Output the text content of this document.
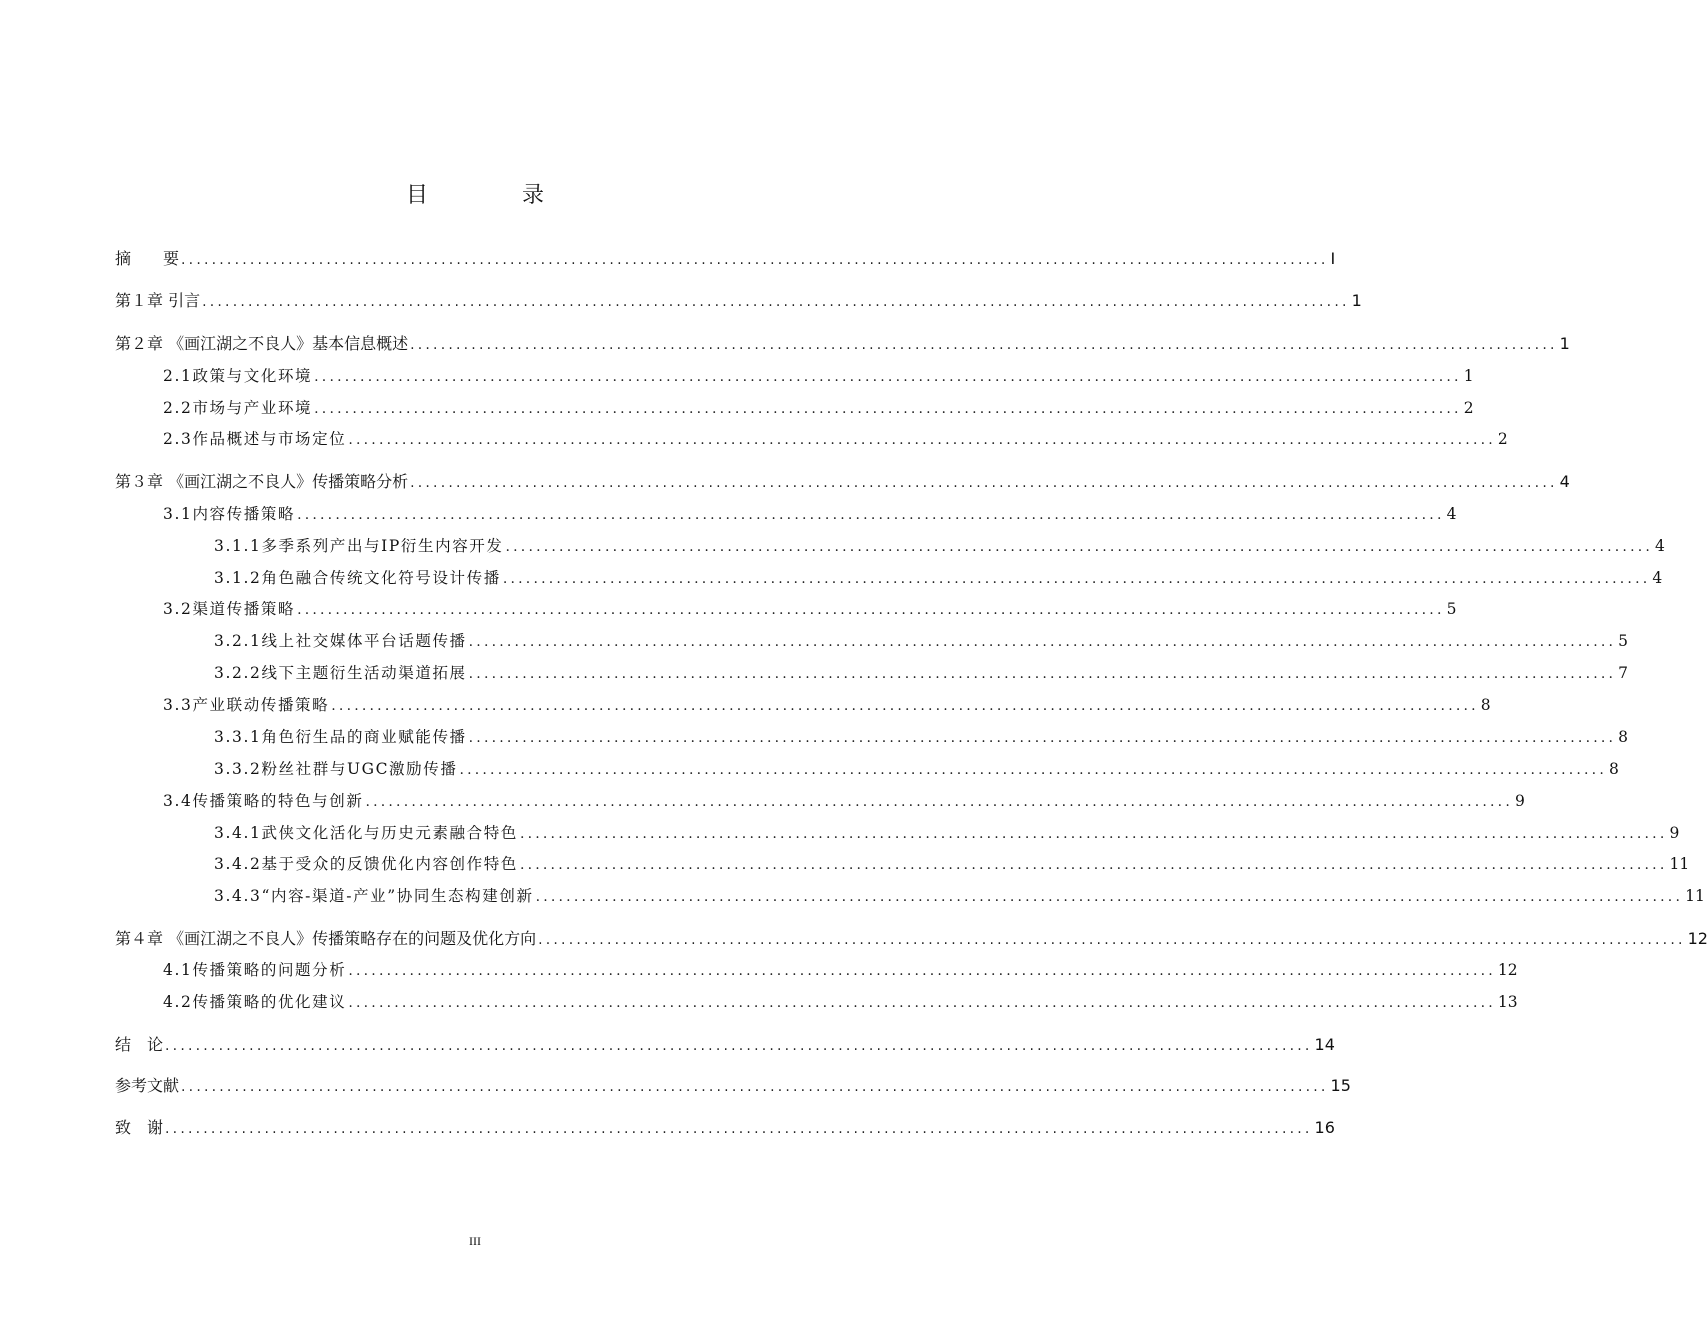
目　录
摘　　要 ...................................................................................................................................................... I
第１章 引言 ...................................................................................................................................................... 1
第２章 《画江湖之不良人》基本信息概述 ...................................................................................................................................................... 1
2.1政策与文化环境 ...................................................................................................................................................... 1
2.2市场与产业环境 ...................................................................................................................................................... 2
2.3作品概述与市场定位 ...................................................................................................................................................... 2
第３章 《画江湖之不良人》传播策略分析 ...................................................................................................................................................... 4
3.1内容传播策略 ...................................................................................................................................................... 4
3.1.1多季系列产出与IP衍生内容开发 ...................................................................................................................................................... 4
3.1.2角色融合传统文化符号设计传播 ...................................................................................................................................................... 4
3.2渠道传播策略 ...................................................................................................................................................... 5
3.2.1线上社交媒体平台话题传播 ...................................................................................................................................................... 5
3.2.2线下主题衍生活动渠道拓展 ...................................................................................................................................................... 7
3.3产业联动传播策略 ...................................................................................................................................................... 8
3.3.1角色衍生品的商业赋能传播 ...................................................................................................................................................... 8
3.3.2粉丝社群与UGC激励传播 ...................................................................................................................................................... 8
3.4传播策略的特色与创新 ...................................................................................................................................................... 9
3.4.1武侠文化活化与历史元素融合特色 ...................................................................................................................................................... 9
3.4.2基于受众的反馈优化内容创作特色 ...................................................................................................................................................... 11
3.4.3“内容-渠道-产业”协同生态构建创新 ...................................................................................................................................................... 11
第４章 《画江湖之不良人》传播策略存在的问题及优化方向 ...................................................................................................................................................... 12
4.1传播策略的问题分析 ...................................................................................................................................................... 12
4.2传播策略的优化建议 ...................................................................................................................................................... 13
结　论 ...................................................................................................................................................... 14
参考文献 ...................................................................................................................................................... 15
致　谢 ...................................................................................................................................................... 16
III
